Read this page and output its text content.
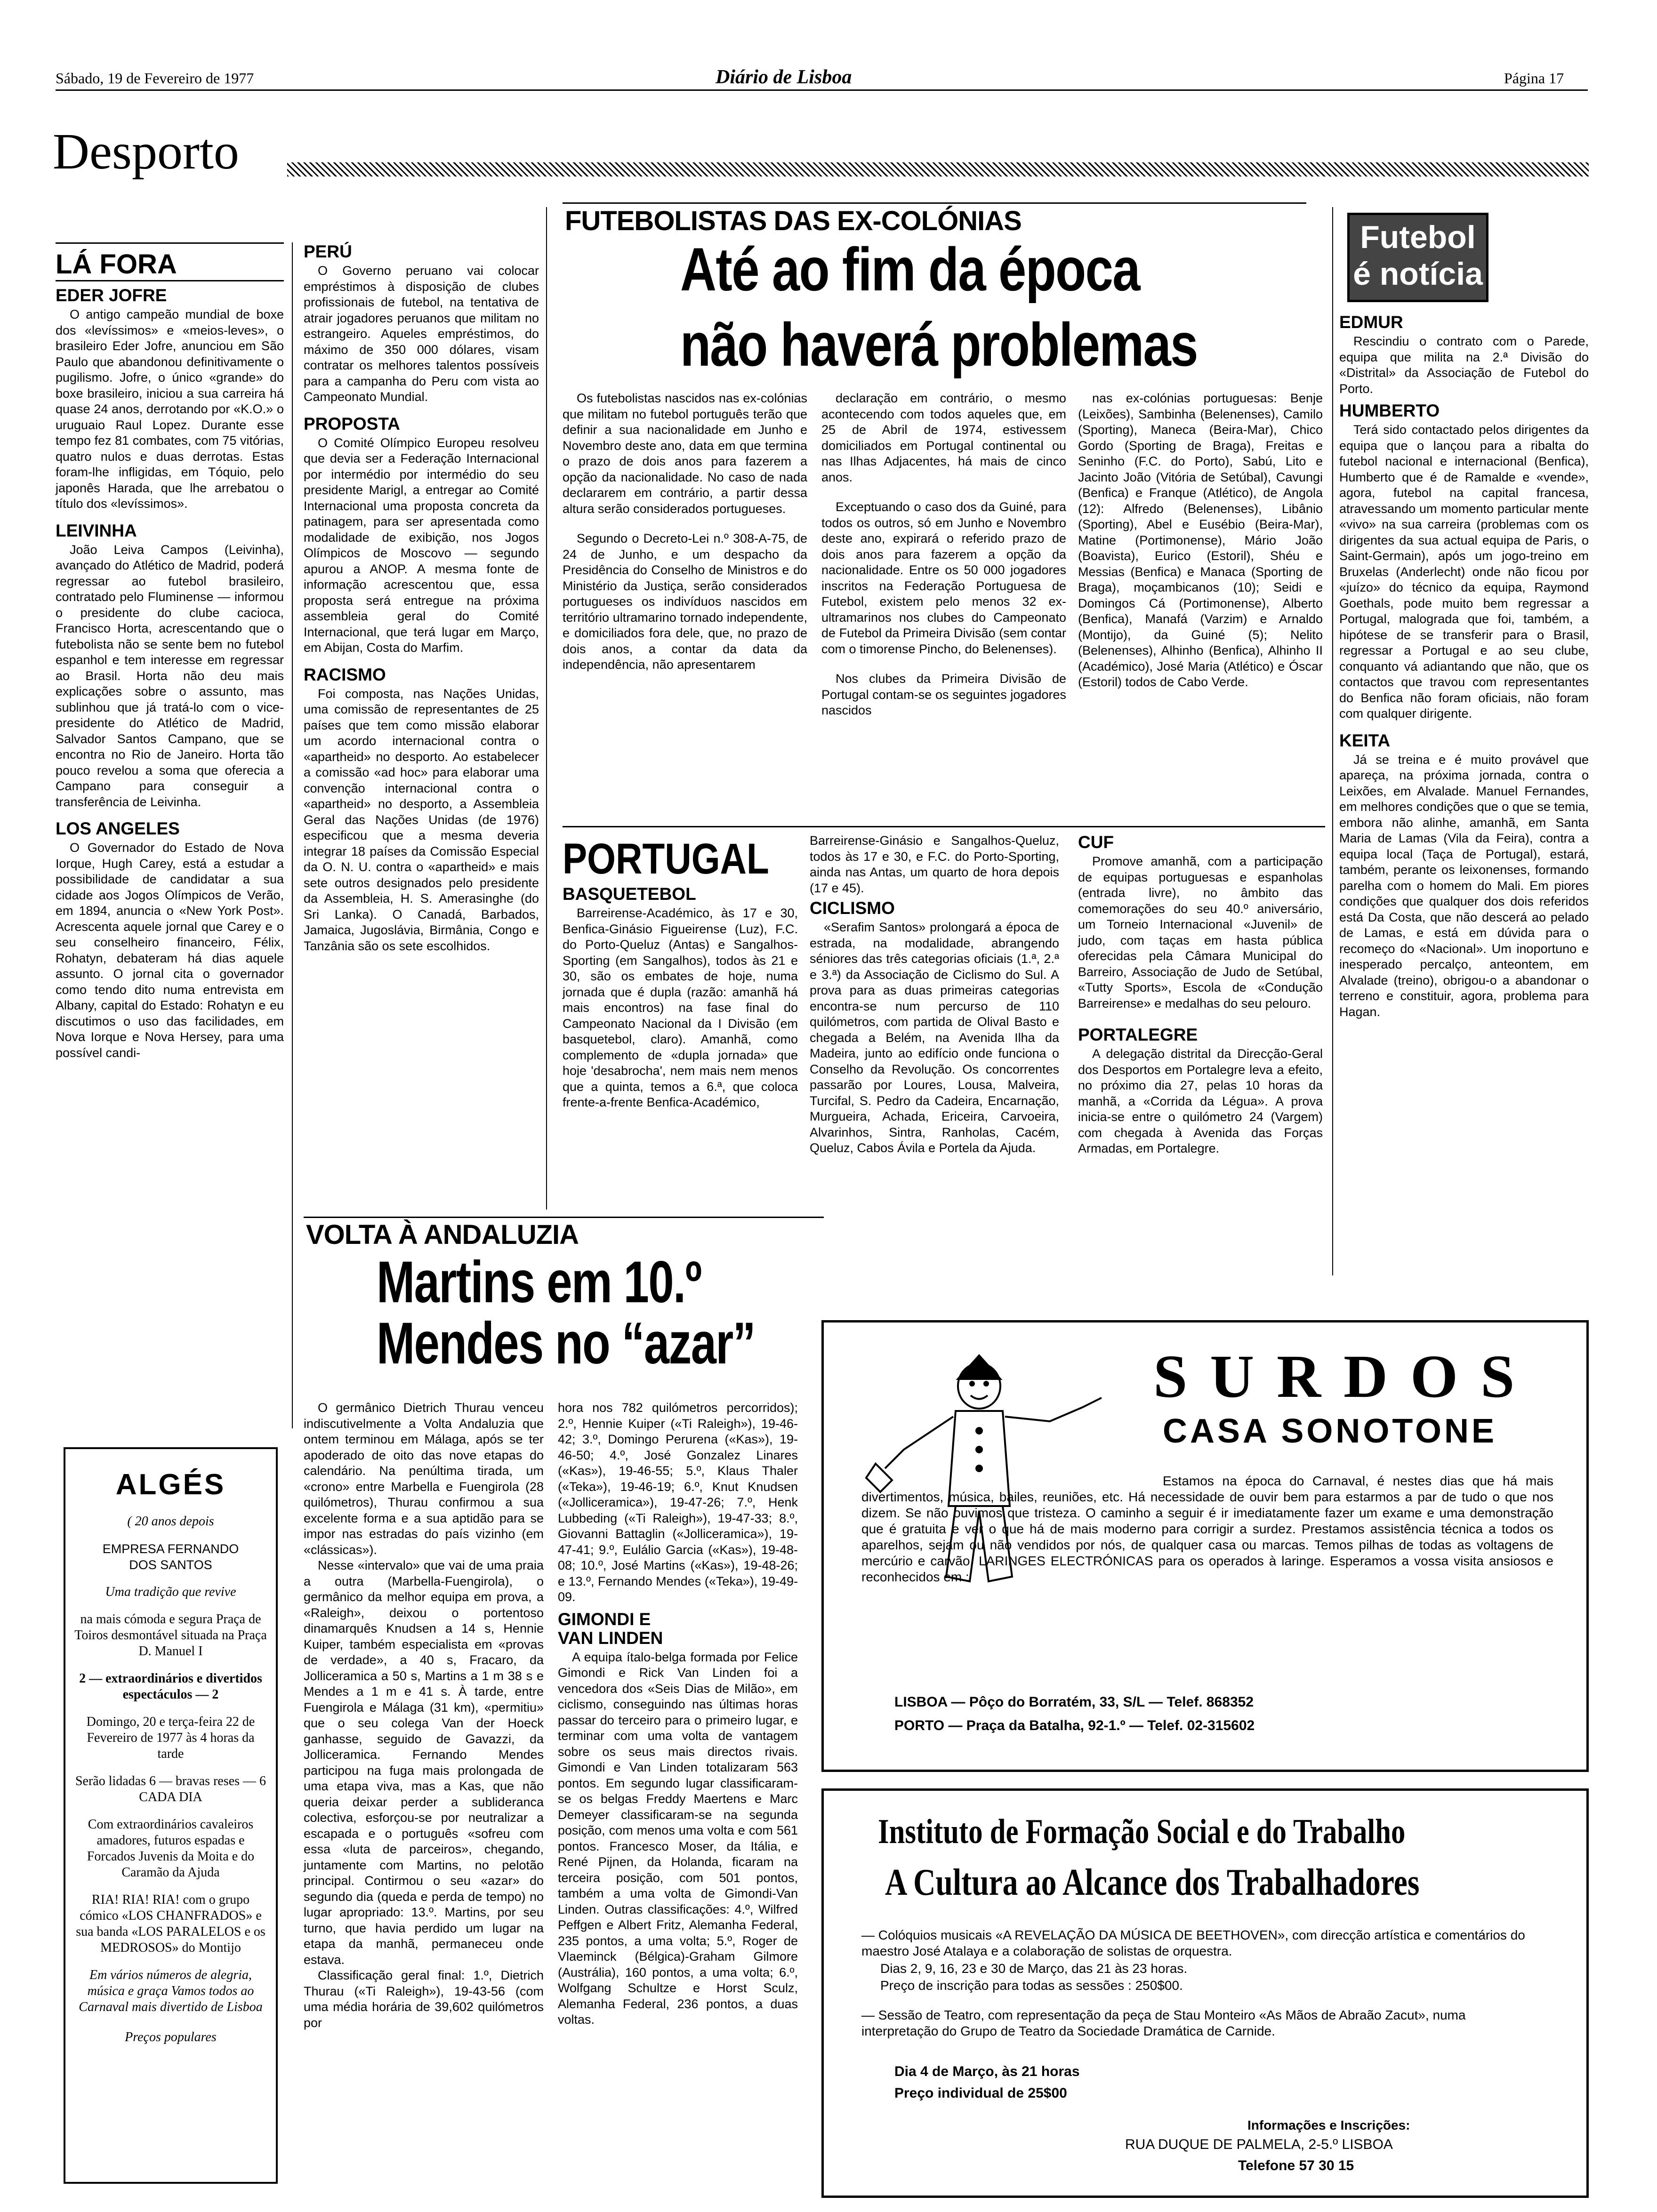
Sábado, 19 de Fevereiro de 1977	Diário de Lisboa	Página 17
Desporto
LÁ FORA
EDER JOFRE

O antigo campeão mundial de boxe dos «levíssimos» e «meios-leves», o brasileiro Eder Jofre, anunciou em São Paulo que abandonou definitivamente o pugilismo. Jofre, o único «grande» do boxe brasileiro, iniciou a sua carreira há quase 24 anos, derrotando por «K.O.» o uruguaio Raul Lopez. Durante esse tempo fez 81 combates, com 75 vitórias, quatro nulos e duas derrotas. Estas foram-lhe infligidas, em Tóquio, pelo japonês Harada, que lhe arrebatou o título dos «levíssimos».

LEIVINHA

João Leiva Campos (Leivinha), avançado do Atlético de Madrid, poderá regressar ao futebol brasileiro, contratado pelo Fluminense — informou o presidente do clube cacioca, Francisco Horta, acrescentando que o futebolista não se sente bem no futebol espanhol e tem interesse em regressar ao Brasil. Horta não deu mais explicações sobre o assunto, mas sublinhou que já tratá-lo com o vice-presidente do Atlético de Madrid, Salvador Santos Campano, que se encontra no Rio de Janeiro. Horta tão pouco revelou a soma que oferecia a Campano para conseguir a transferência de Leivinha.

LOS ANGELES

O Governador do Estado de Nova Iorque, Hugh Carey, está a estudar a possibilidade de candidatar a sua cidade aos Jogos Olímpicos de Verão, em 1894, anuncia o «New York Post». Acrescenta aquele jornal que Carey e o seu conselheiro financeiro, Félix, Rohatyn, debateram há dias aquele assunto. O jornal cita o governador como tendo dito numa entrevista em Albany, capital do Estado: Rohatyn e eu discutimos o uso das facilidades, em Nova Iorque e Nova Hersey, para uma possível candi-

PERÚ

O Governo peruano vai colocar empréstimos à disposição de clubes profissionais de futebol, na tentativa de atrair jogadores peruanos que militam no estrangeiro. Aqueles empréstimos, do máximo de 350 000 dólares, visam contratar os melhores talentos possíveis para a campanha do Peru com vista ao Campeonato Mundial.

PROPOSTA

O Comité Olímpico Europeu resolveu que devia ser a Federação Internacional por intermédio por intermédio do seu presidente Marigl, a entregar ao Comité Internacional uma proposta concreta da patinagem, para ser apresentada como modalidade de exibição, nos Jogos Olímpicos de Moscovo — segundo apurou a ANOP. A mesma fonte de informação acrescentou que, essa proposta será entregue na próxima assembleia geral do Comité Internacional, que terá lugar em Março, em Abijan, Costa do Marfim.

RACISMO

Foi composta, nas Nações Unidas, uma comissão de representantes de 25 países que tem como missão elaborar um acordo internacional contra o «apartheid» no desporto. Ao estabelecer a comissão «ad hoc» para elaborar uma convenção internacional contra o «apartheid» no desporto, a Assembleia Geral das Nações Unidas (de 1976) especificou que a mesma deveria integrar 18 países da Comissão Especial da O. N. U. contra o «apartheid» e mais sete outros designados pelo presidente da Assembleia, H. S. Amerasinghe (do Sri Lanka). O Canadá, Barbados, Jamaica, Jugoslávia, Birmânia, Congo e Tanzânia são os sete escolhidos.

FUTEBOLISTAS DAS EX-COLÓNIAS
Até ao fim da época
não haverá problemas

Os futebolistas nascidos nas ex-colónias que militam no futebol português terão que definir a sua nacionalidade em Junho e Novembro deste ano, data em que termina o prazo de dois anos para fazerem a opção da nacionalidade. No caso de nada declararem em contrário, a partir dessa altura serão considerados portugueses.

Segundo o Decreto-Lei n.º 308-A-75, de 24 de Junho, e um despacho da Presidência do Conselho de Ministros e do Ministério da Justiça, serão considerados portugueses os indivíduos nascidos em território ultramarino tornado independente, e domiciliados fora dele, que, no prazo de dois anos, a contar da data da independência, não apresentarem

declaração em contrário, o mesmo acontecendo com todos aqueles que, em 25 de Abril de 1974, estivessem domiciliados em Portugal continental ou nas Ilhas Adjacentes, há mais de cinco anos.

Exceptuando o caso dos da Guiné, para todos os outros, só em Junho e Novembro deste ano, expirará o referido prazo de dois anos para fazerem a opção da nacionalidade. Entre os 50 000 jogadores inscritos na Federação Portuguesa de Futebol, existem pelo menos 32 ex-ultramarinos nos clubes do Campeonato de Futebol da Primeira Divisão (sem contar com o timorense Pincho, do Belenenses).

Nos clubes da Primeira Divisão de Portugal contam-se os seguintes jogadores nascidos

nas ex-colónias portuguesas: Benje (Leixões), Sambinha (Belenenses), Camilo (Sporting), Maneca (Beira-Mar), Chico Gordo (Sporting de Braga), Freitas e Seninho (F.C. do Porto), Sabú, Lito e Jacinto João (Vitória de Setúbal), Cavungi (Benfica) e Franque (Atlético), de Angola (12): Alfredo (Belenenses), Libânio (Sporting), Abel e Eusébio (Beira-Mar), Matine (Portimonense), Mário João (Boavista), Eurico (Estoril), Shéu e Messias (Benfica) e Manaca (Sporting de Braga), moçambicanos (10); Seidi e Domingos Cá (Portimonense), Alberto (Benfica), Manafá (Varzim) e Arnaldo (Montijo), da Guiné (5); Nelito (Belenenses), Alhinho (Benfica), Alhinho II (Académico), José Maria (Atlético) e Óscar (Estoril) todos de Cabo Verde.

Futebol
é notícia
EDMUR

Rescindiu o contrato com o Parede, equipa que milita na 2.ª Divisão do «Distrital» da Associação de Futebol do Porto.

HUMBERTO

Terá sido contactado pelos dirigentes da equipa que o lançou para a ribalta do futebol nacional e internacional (Benfica), Humberto que é de Ramalde e «vende», agora, futebol na capital francesa, atravessando um momento particular mente «vivo» na sua carreira (problemas com os dirigentes da sua actual equipa de Paris, o Saint-Germain), após um jogo-treino em Bruxelas (Anderlecht) onde não ficou por «juízo» do técnico da equipa, Raymond Goethals, pode muito bem regressar a Portugal, malograda que foi, também, a hipótese de se transferir para o Brasil, regressar a Portugal e ao seu clube, conquanto vá adiantando que não, que os contactos que travou com representantes do Benfica não foram oficiais, não foram com qualquer dirigente.

KEITA

Já se treina e é muito provável que apareça, na próxima jornada, contra o Leixões, em Alvalade. Manuel Fernandes, em melhores condições que o que se temia, embora não alinhe, amanhã, em Santa Maria de Lamas (Vila da Feira), contra a equipa local (Taça de Portugal), estará, também, perante os leixonenses, formando parelha com o homem do Mali. Em piores condições que qualquer dos dois referidos está Da Costa, que não descerá ao pelado de Lamas, e está em dúvida para o recomeço do «Nacional». Um inoportuno e inesperado percalço, anteontem, em Alvalade (treino), obrigou-o a abandonar o terreno e constituir, agora, problema para Hagan.

PORTUGAL
BASQUETEBOL

Barreirense-Académico, às 17 e 30, Benfica-Ginásio Figueirense (Luz), F.C. do Porto-Queluz (Antas) e Sangalhos-Sporting (em Sangalhos), todos às 21 e 30, são os embates de hoje, numa jornada que é dupla (razão: amanhã há mais encontros) na fase final do Campeonato Nacional da I Divisão (em basquetebol, claro). Amanhã, como complemento de «dupla jornada» que hoje 'desabrocha', nem mais nem menos que a quinta, temos a 6.ª, que coloca frente-a-frente Benfica-Académico,

Barreirense-Ginásio e Sangalhos-Queluz, todos às 17 e 30, e F.C. do Porto-Sporting, ainda nas Antas, um quarto de hora depois (17 e 45).

CICLISMO

«Serafim Santos» prolongará a época de estrada, na modalidade, abrangendo séniores das três categorias oficiais (1.ª, 2.ª e 3.ª) da Associação de Ciclismo do Sul. A prova para as duas primeiras categorias encontra-se num percurso de 110 quilómetros, com partida de Olival Basto e chegada a Belém, na Avenida Ilha da Madeira, junto ao edifício onde funciona o Conselho da Revolução. Os concorrentes passarão por Loures, Lousa, Malveira, Turcifal, S. Pedro da Cadeira, Encarnação, Murgueira, Achada, Ericeira, Carvoeira, Alvarinhos, Sintra, Ranholas, Cacém, Queluz, Cabos Ávila e Portela da Ajuda.

CUF

Promove amanhã, com a participação de equipas portuguesas e espanholas (entrada livre), no âmbito das comemorações do seu 40.º aniversário, um Torneio Internacional «Juvenil» de judo, com taças em hasta pública oferecidas pela Câmara Municipal do Barreiro, Associação de Judo de Setúbal, «Tutty Sports», Escola de «Condução Barreirense» e medalhas do seu pelouro.

PORTALEGRE

A delegação distrital da Direcção-Geral dos Desportos em Portalegre leva a efeito, no próximo dia 27, pelas 10 horas da manhã, a «Corrida da Légua». A prova inicia-se entre o quilómetro 24 (Vargem) com chegada à Avenida das Forças Armadas, em Portalegre.

VOLTA À ANDALUZIA
Martins em 10.º
Mendes no “azar”

O germânico Dietrich Thurau venceu indiscutivelmente a Volta Andaluzia que ontem terminou em Málaga, após se ter apoderado de oito das nove etapas do calendário. Na penúltima tirada, um «crono» entre Marbella e Fuengirola (28 quilómetros), Thurau confirmou a sua excelente forma e a sua aptidão para se impor nas estradas do país vizinho (em «clássicas»).

Nesse «intervalo» que vai de uma praia a outra (Marbella-Fuengirola), o germânico da melhor equipa em prova, a «Raleigh», deixou o portentoso dinamarquês Knudsen a 14 s, Hennie Kuiper, também especialista em «provas de verdade», a 40 s, Fracaro, da Jolliceramica a 50 s, Martins a 1 m 38 s e Mendes a 1 m e 41 s. À tarde, entre Fuengirola e Málaga (31 km), «permitiu» que o seu colega Van der Hoeck ganhasse, seguido de Gavazzi, da Jolliceramica. Fernando Mendes participou na fuga mais prolongada de uma etapa viva, mas a Kas, que não queria deixar perder a sublideranca colectiva, esforçou-se por neutralizar a escapada e o português «sofreu com essa «luta de parceiros», chegando, juntamente com Martins, no pelotão principal. Contirmou o seu «azar» do segundo dia (queda e perda de tempo) no lugar apropriado: 13.º. Martins, por seu turno, que havia perdido um lugar na etapa da manhã, permaneceu onde estava.

Classificação geral final: 1.º, Dietrich Thurau («Ti Raleigh»), 19-43-56 (com uma média horária de 39,602 quilómetros por

hora nos 782 quilómetros percorridos); 2.º, Hennie Kuiper («Ti Raleigh»), 19-46-42; 3.º, Domingo Perurena («Kas»), 19-46-50; 4.º, José Gonzalez Linares («Kas»), 19-46-55; 5.º, Klaus Thaler («Teka»), 19-46-19; 6.º, Knut Knudsen («Jolliceramica»), 19-47-26; 7.º, Henk Lubbeding («Ti Raleigh»), 19-47-33; 8.º, Giovanni Battaglin («Jolliceramica»), 19-47-41; 9.º, Eulálio Garcia («Kas»), 19-48-08; 10.º, José Martins («Kas»), 19-48-26; e 13.º, Fernando Mendes («Teka»), 19-49-09.

GIMONDI E VAN LINDEN

A equipa ítalo-belga formada por Felice Gimondi e Rick Van Linden foi a vencedora dos «Seis Dias de Milão», em ciclismo, conseguindo nas últimas horas passar do terceiro para o primeiro lugar, e terminar com uma volta de vantagem sobre os seus mais directos rivais. Gimondi e Van Linden totalizaram 563 pontos. Em segundo lugar classificaram-se os belgas Freddy Maertens e Marc Demeyer classificaram-se na segunda posição, com menos uma volta e com 561 pontos. Francesco Moser, da Itália, e René Pijnen, da Holanda, ficaram na terceira posição, com 501 pontos, também a uma volta de Gimondi-Van Linden. Outras classificações: 4.º, Wilfred Peffgen e Albert Fritz, Alemanha Federal, 235 pontos, a uma volta; 5.º, Roger de Vlaeminck (Bélgica)-Graham Gilmore (Austrália), 160 pontos, a uma volta; 6.º, Wolfgang Schultze e Horst Sculz, Alemanha Federal, 236 pontos, a duas voltas.

ALGÉS
( 20 anos depois
EMPRESA FERNANDO DOS SANTOS
Uma tradição que revive
na mais cómoda e segura Praça de Toiros desmontável situada na Praça D. Manuel I
2 — extraordinários e divertidos espectáculos — 2
Domingo, 20 e terça-feira 22 de Fevereiro de 1977 às 4 horas da tarde
Serão lidadas 6 — bravas reses — 6 CADA DIA
Com extraordinários cavaleiros amadores, futuros espadas e Forcados Juvenis da Moita e do Caramão da Ajuda
RIA! RIA! RIA! com o grupo cómico «LOS CHANFRADOS» e sua banda «LOS PARALELOS e os MEDROSOS» do Montijo
Em vários números de alegria, música e graça Vamos todos ao Carnaval mais divertido de Lisboa
Preços populares
SURDOS
CASA SONOTONE
Estamos na época do Carnaval, é nestes dias que há mais divertimentos, música, bailes, reuniões, etc. Há necessidade de ouvir bem para estarmos a par de tudo o que nos dizem. Se não ouvimos que tristeza. O caminho a seguir é ir imediatamente fazer um exame e uma demonstração que é gratuita e ver o que há de mais moderno para corrigir a surdez. Prestamos assistência técnica a todos os aparelhos, sejam ou não vendidos por nós, de qualquer casa ou marcas. Temos pilhas de todas as voltagens de mercúrio e carvão. LARINGES ELECTRÓNICAS para os operados à laringe. Esperamos a vossa visita ansiosos e reconhecidos em :
LISBOA — Pôço do Borratém, 33, S/L — Telef. 868352
PORTO — Praça da Batalha, 92-1.º — Telef. 02-315602
Instituto de Formação Social e do Trabalho
A Cultura ao Alcance dos Trabalhadores
— Colóquios musicais «A REVELAÇÃO DA MÚSICA DE BEETHOVEN», com direcção artística e comentários do maestro José Atalaya e a colaboração de solistas de orquestra.
Dias 2, 9, 16, 23 e 30 de Março, das 21 às 23 horas.
Preço de inscrição para todas as sessões : 250$00.
— Sessão de Teatro, com representação da peça de Stau Monteiro «As Mãos de Abraão Zacut», numa interpretação do Grupo de Teatro da Sociedade Dramática de Carnide.
Dia 4 de Março, às 21 horas
Preço individual de 25$00
Informações e Inscrições:
RUA DUQUE DE PALMELA, 2-5.º LISBOA
Telefone 57 30 15
